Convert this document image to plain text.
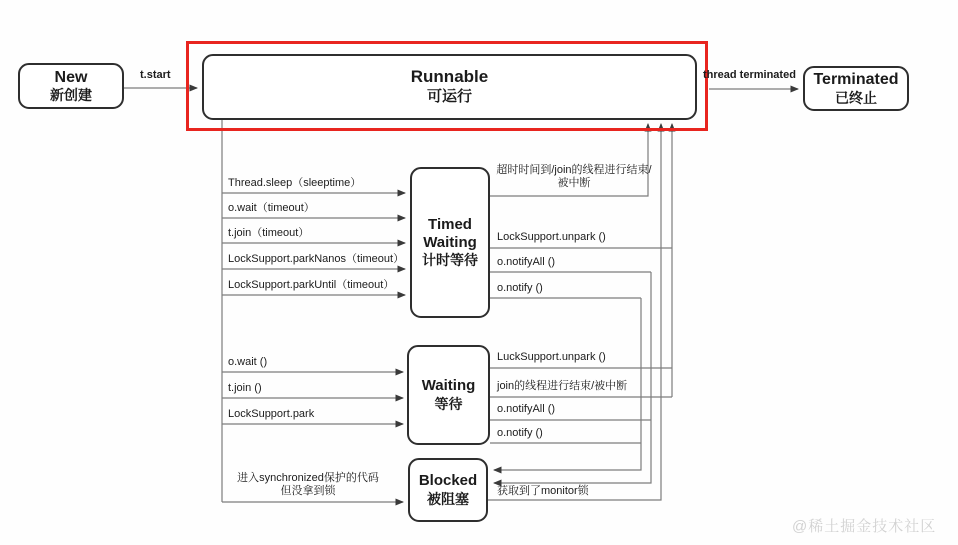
New
新创建
Runnable
可运行
Terminated
已终止
Timed
Waiting
计时等待
Waiting
等待
Blocked
被阻塞
t.start	thread terminated
Thread.sleep（sleeptime）
o.wait（timeout）
t.join（timeout）
LockSupport.parkNanos（timeout）
LockSupport.parkUntil（timeout）
超时时间到/join的线程进行结束/
被中断
LockSupport.unpark ()
o.notifyAll ()
o.notify ()
o.wait ()
t.join ()
LockSupport.park
LuckSupport.unpark ()
join的线程进行结束/被中断
o.notifyAll ()
o.notify ()
进入synchronized保护的代码
但没拿到锁	获取到了monitor锁
@稀土掘金技术社区
